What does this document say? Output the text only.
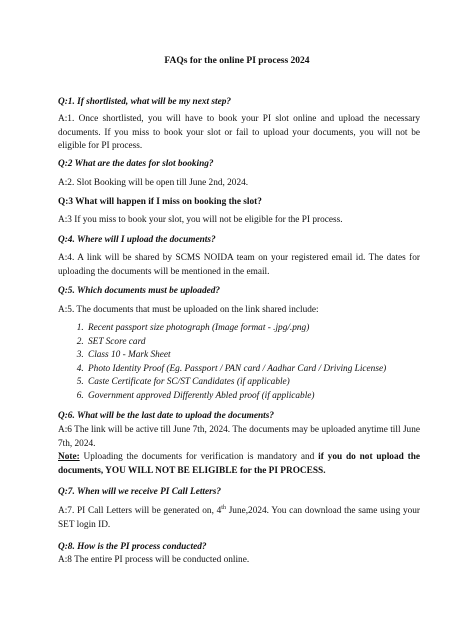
FAQs for the online PI process 2024
Q:1. If shortlisted, what will be my next step?
A:1. Once shortlisted, you will have to book your PI slot online and upload the necessary documents. If you miss to book your slot or fail to upload your documents, you will not be eligible for PI process.
Q:2 What are the dates for slot booking?
A:2. Slot Booking will be open till June 2nd, 2024.
Q:3 What will happen if I miss on booking the slot?
A:3 If you miss to book your slot, you will not be eligible for the PI process.
Q:4. Where will I upload the documents?
A:4. A link will be shared by SCMS NOIDA team on your registered email id. The dates for uploading the documents will be mentioned in the email.
Q:5. Which documents must be uploaded?
A:5. The documents that must be uploaded on the link shared include:
1. Recent passport size photograph (Image format - .jpg/.png)
2. SET Score card
3. Class 10 - Mark Sheet
4. Photo Identity Proof (Eg. Passport / PAN card / Aadhar Card / Driving License)
5. Caste Certificate for SC/ST Candidates (if applicable)
6. Government approved Differently Abled proof (if applicable)
Q:6. What will be the last date to upload the documents?
A:6 The link will be active till June 7th, 2024. The documents may be uploaded anytime till June 7th, 2024.
Note: Uploading the documents for verification is mandatory and if you do not upload the documents, YOU WILL NOT BE ELIGIBLE for the PI PROCESS.
Q:7. When will we receive PI Call Letters?
A:7. PI Call Letters will be generated on, 4th June,2024. You can download the same using your SET login ID.
Q:8. How is the PI process conducted?
A:8 The entire PI process will be conducted online.
